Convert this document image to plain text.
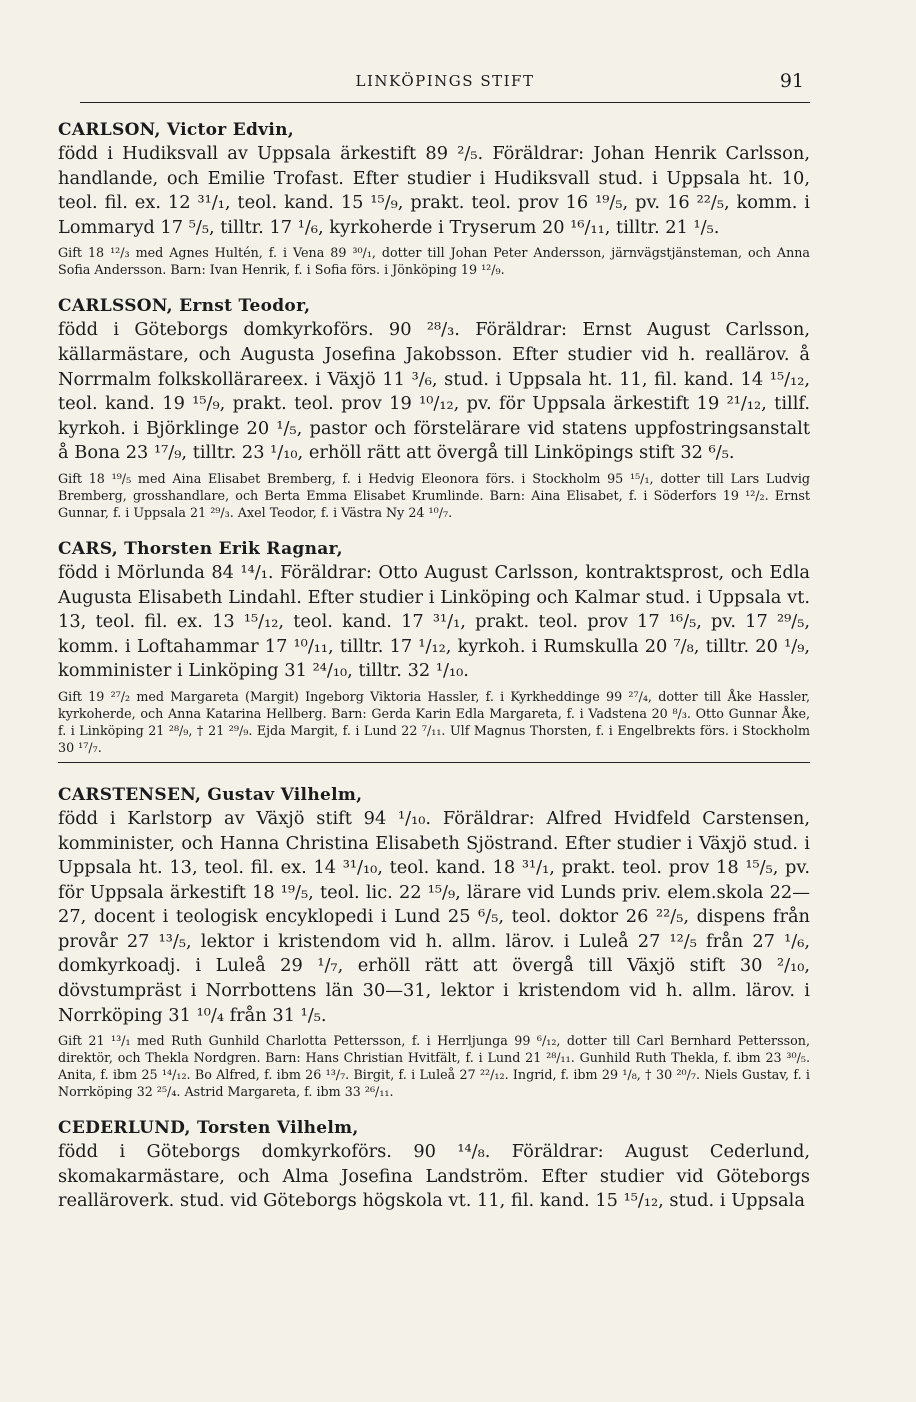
LINKÖPINGS STIFT	91
CARLSON, Victor Edvin,

född i Hudiksvall av Uppsala ärkestift 89 ²/₅. Föräldrar: Johan Henrik Carlsson, handlande, och Emilie Trofast. Efter studier i Hudiksvall stud. i Uppsala ht. 10, teol. fil. ex. 12 ³¹/₁, teol. kand. 15 ¹⁵/₉, prakt. teol. prov 16 ¹⁹/₅, pv. 16 ²²/₅, komm. i Lommaryd 17 ⁵/₅, tilltr. 17 ¹/₆, kyrkoherde i Tryserum 20 ¹⁶/₁₁, tilltr. 21 ¹/₅.

Gift 18 ¹²/₃ med Agnes Hultén, f. i Vena 89 ³⁰/₁, dotter till Johan Peter Andersson, järnvägstjänsteman, och Anna Sofia Andersson. Barn: Ivan Henrik, f. i Sofia förs. i Jönköping 19 ¹²/₉.

CARLSSON, Ernst Teodor,

född i Göteborgs domkyrkoförs. 90 ²⁸/₃. Föräldrar: Ernst August Carlsson, källarmästare, och Augusta Josefina Jakobsson. Efter studier vid h. reallärov. å Norrmalm folkskollärareex. i Växjö 11 ³/₆, stud. i Uppsala ht. 11, fil. kand. 14 ¹⁵/₁₂, teol. kand. 19 ¹⁵/₉, prakt. teol. prov 19 ¹⁰/₁₂, pv. för Uppsala ärkestift 19 ²¹/₁₂, tillf. kyrkoh. i Björklinge 20 ¹/₅, pastor och förstelärare vid statens uppfostringsanstalt å Bona 23 ¹⁷/₉, tilltr. 23 ¹/₁₀, erhöll rätt att övergå till Linköpings stift 32 ⁶/₅.

Gift 18 ¹⁹/₅ med Aina Elisabet Bremberg, f. i Hedvig Eleonora förs. i Stockholm 95 ¹⁵/₁, dotter till Lars Ludvig Bremberg, grosshandlare, och Berta Emma Elisabet Krumlinde. Barn: Aina Elisabet, f. i Söderfors 19 ¹²/₂. Ernst Gunnar, f. i Uppsala 21 ²⁹/₃. Axel Teodor, f. i Västra Ny 24 ¹⁰/₇.

CARS, Thorsten Erik Ragnar,

född i Mörlunda 84 ¹⁴/₁. Föräldrar: Otto August Carlsson, kontraktsprost, och Edla Augusta Elisabeth Lindahl. Efter studier i Linköping och Kalmar stud. i Uppsala vt. 13, teol. fil. ex. 13 ¹⁵/₁₂, teol. kand. 17 ³¹/₁, prakt. teol. prov 17 ¹⁶/₅, pv. 17 ²⁹/₅, komm. i Loftahammar 17 ¹⁰/₁₁, tilltr. 17 ¹/₁₂, kyrkoh. i Rumskulla 20 ⁷/₈, tilltr. 20 ¹/₉, komminister i Linköping 31 ²⁴/₁₀, tilltr. 32 ¹/₁₀.

Gift 19 ²⁷/₂ med Margareta (Margit) Ingeborg Viktoria Hassler, f. i Kyrkheddinge 99 ²⁷/₄, dotter till Åke Hassler, kyrkoherde, och Anna Katarina Hellberg. Barn: Gerda Karin Edla Margareta, f. i Vadstena 20 ⁸/₃. Otto Gunnar Åke, f. i Linköping 21 ²⁸/₉, † 21 ²⁹/₉. Ejda Margit, f. i Lund 22 ⁷/₁₁. Ulf Magnus Thorsten, f. i Engelbrekts förs. i Stockholm 30 ¹⁷/₇.

CARSTENSEN, Gustav Vilhelm,

född i Karlstorp av Växjö stift 94 ¹/₁₀. Föräldrar: Alfred Hvidfeld Carstensen, komminister, och Hanna Christina Elisabeth Sjöstrand. Efter studier i Växjö stud. i Uppsala ht. 13, teol. fil. ex. 14 ³¹/₁₀, teol. kand. 18 ³¹/₁, prakt. teol. prov 18 ¹⁵/₅, pv. för Uppsala ärkestift 18 ¹⁹/₅, teol. lic. 22 ¹⁵/₉, lärare vid Lunds priv. elem.skola 22—27, docent i teologisk encyklopedi i Lund 25 ⁶/₅, teol. doktor 26 ²²/₅, dispens från provår 27 ¹³/₅, lektor i kristendom vid h. allm. lärov. i Luleå 27 ¹²/₅ från 27 ¹/₆, domkyrkoadj. i Luleå 29 ¹/₇, erhöll rätt att övergå till Växjö stift 30 ²/₁₀, dövstumpräst i Norrbottens län 30—31, lektor i kristendom vid h. allm. lärov. i Norrköping 31 ¹⁰/₄ från 31 ¹/₅.

Gift 21 ¹³/₁ med Ruth Gunhild Charlotta Pettersson, f. i Herrljunga 99 ⁶/₁₂, dotter till Carl Bernhard Pettersson, direktör, och Thekla Nordgren. Barn: Hans Christian Hvitfält, f. i Lund 21 ²⁸/₁₁. Gunhild Ruth Thekla, f. ibm 23 ³⁰/₅. Anita, f. ibm 25 ¹⁴/₁₂. Bo Alfred, f. ibm 26 ¹³/₇. Birgit, f. i Luleå 27 ²²/₁₂. Ingrid, f. ibm 29 ¹/₈, † 30 ²⁰/₇. Niels Gustav, f. i Norrköping 32 ²⁵/₄. Astrid Margareta, f. ibm 33 ²⁶/₁₁.

CEDERLUND, Torsten Vilhelm,

född i Göteborgs domkyrkoförs. 90 ¹⁴/₈. Föräldrar: August Cederlund, skomakarmästare, och Alma Josefina Landström. Efter studier vid Göteborgs realläroverk. stud. vid Göteborgs högskola vt. 11, fil. kand. 15 ¹⁵/₁₂, stud. i Uppsala
